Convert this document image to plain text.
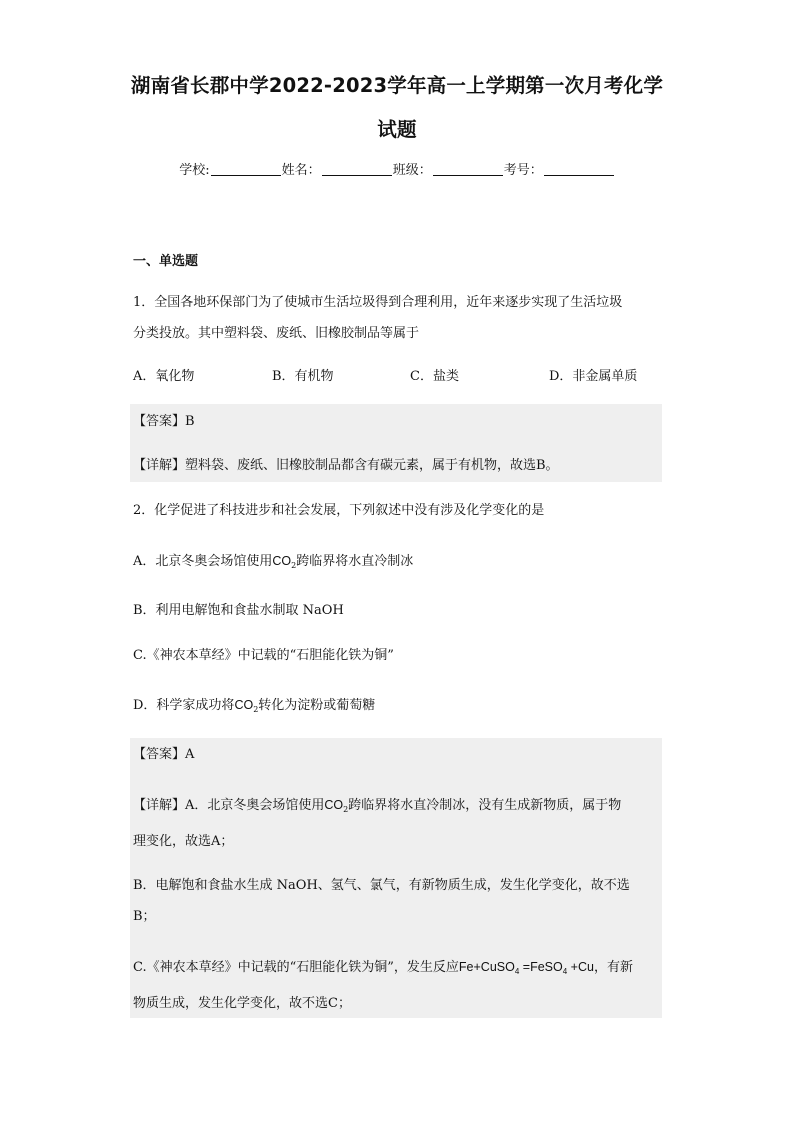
湖南省长郡中学2022-2023学年高一上学期第一次月考化学
试题
学校:	姓名：	班级：	考号：
一、单选题
1．全国各地环保部门为了使城市生活垃圾得到合理利用，近年来逐步实现了生活垃圾
分类投放。其中塑料袋、废纸、旧橡胶制品等属于
A．氧化物	B．有机物	C．盐类	D．非金属单质
【答案】B
【详解】塑料袋、废纸、旧橡胶制品都含有碳元素，属于有机物，故选B。
2．化学促进了科技进步和社会发展，下列叙述中没有涉及化学变化的是
A．北京冬奥会场馆使用$CO_2$跨临界将水直冷制冰
B．利用电解饱和食盐水制取 NaOH
C.《神农本草经》中记载的“石胆能化铁为铜”
D．科学家成功将$CO_2$转化为淀粉或葡萄糖
【答案】A
【详解】A．北京冬奥会场馆使用$CO_2$跨临界将水直冷制冰，没有生成新物质，属于物
理变化，故选A；
B．电解饱和食盐水生成 NaOH、氢气、氯气，有新物质生成，发生化学变化，故不选
B；
C.《神农本草经》中记载的“石胆能化铁为铜”，发生反应Fe+CuSO$_4$ =FeSO$_4$ +Cu，有新
物质生成，发生化学变化，故不选C；
